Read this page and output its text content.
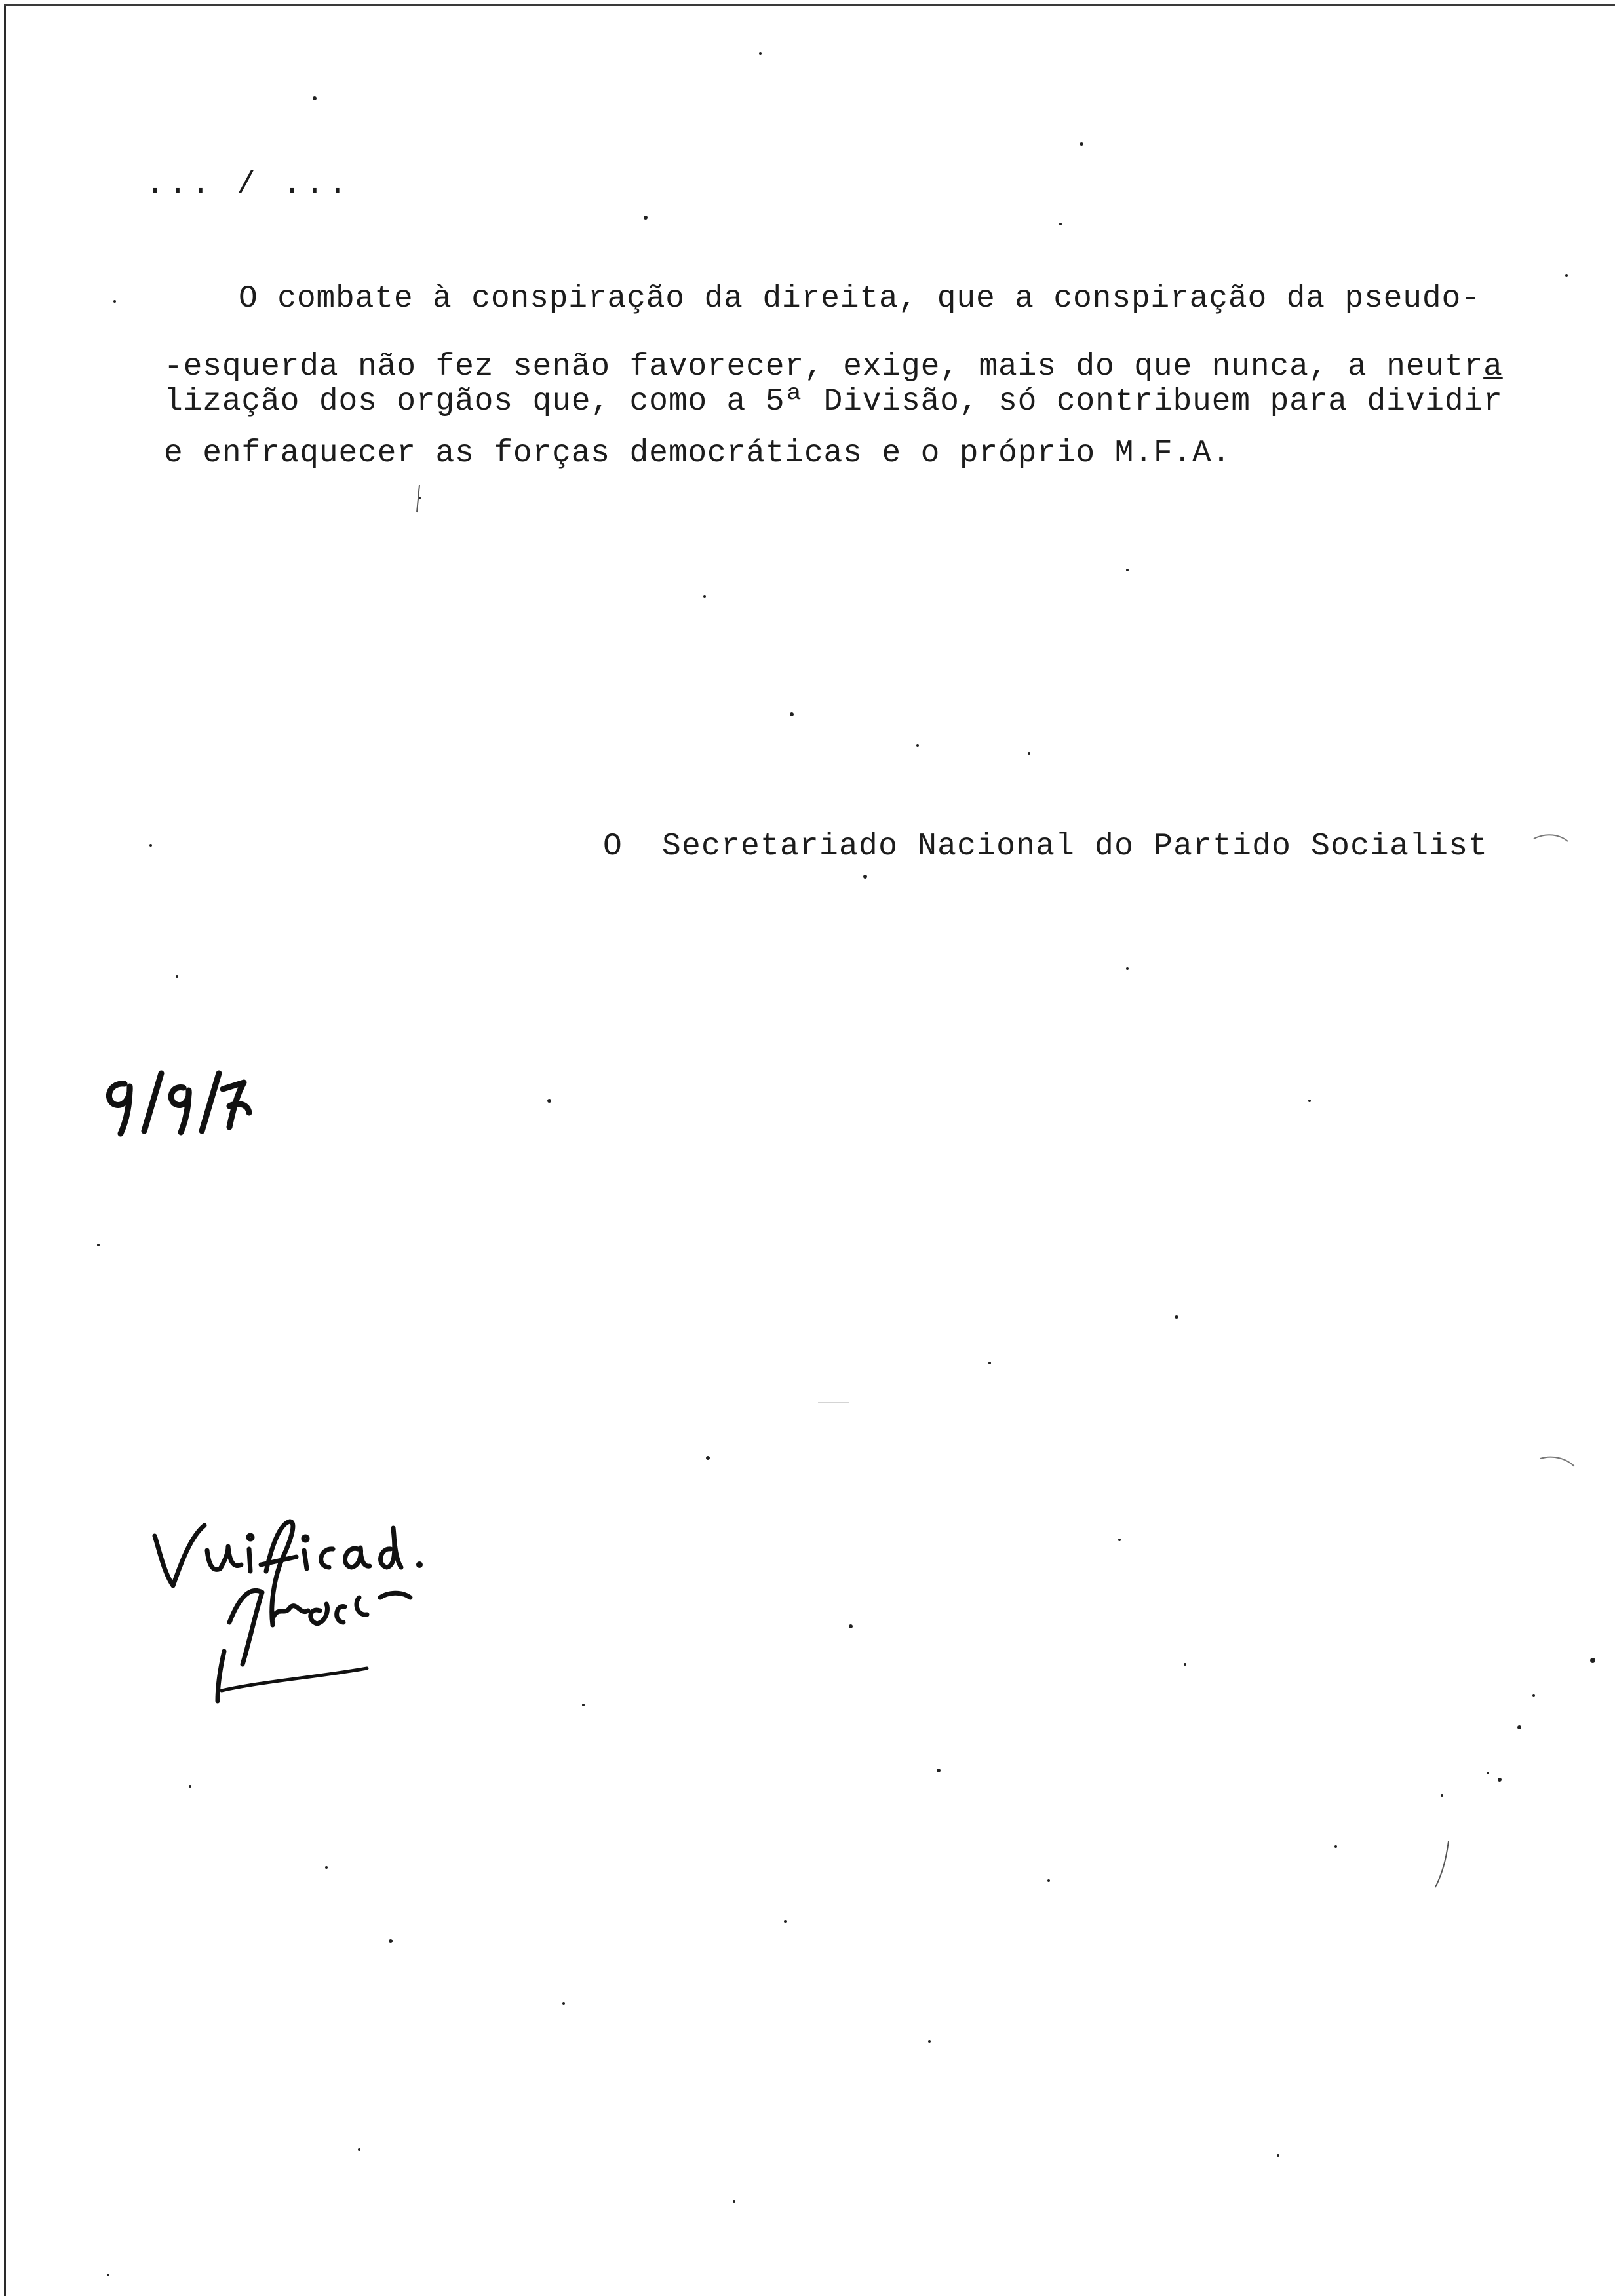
... / ...
O combate à conspiração da direita, que a conspiração da pseudo-
-esquerda não fez senão favorecer, exige, mais do que nunca, a neutra
lização dos orgãos que, como a 5ª Divisão, só contribuem para dividir
e enfraquecer as forças democráticas e o próprio M.F.A.
O  Secretariado Nacional do Partido Socialist
